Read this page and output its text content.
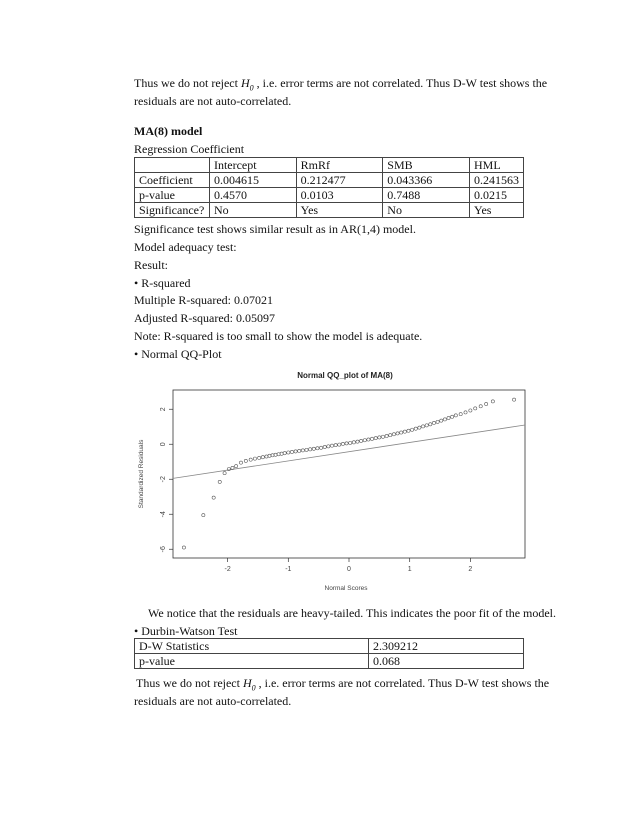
Thus we do not reject $H_0$ , i.e. error terms are not correlated. Thus D-W test shows the
residuals are not auto-correlated.
MA(8) model
Regression Coefficient
	Intercept	RmRf	SMB	HML
Coefficient	0.004615	0.212477	0.043366	0.241563
p-value	0.4570	0.0103	0.7488	0.0215
Significance?	No	Yes	No	Yes
Significance test shows similar result as in AR(1,4) model.
Model adequacy test:
Result:
• R-squared
Multiple R-squared: 0.07021
Adjusted R-squared: 0.05097
Note: R-squared is too small to show the model is adequate.
• Normal QQ-Plot
Normal QQ_plot of MA(8)
Standardized Residuals
Normal Scores
-2	-1	0	1	2
2
0
-2
-4
-6
We notice that the residuals are heavy-tailed. This indicates the poor fit of the model.
• Durbin-Watson Test
D-W Statistics	2.309212
p-value	0.068
Thus we do not reject $H_0$ , i.e. error terms are not correlated. Thus D-W test shows the
residuals are not auto-correlated.
